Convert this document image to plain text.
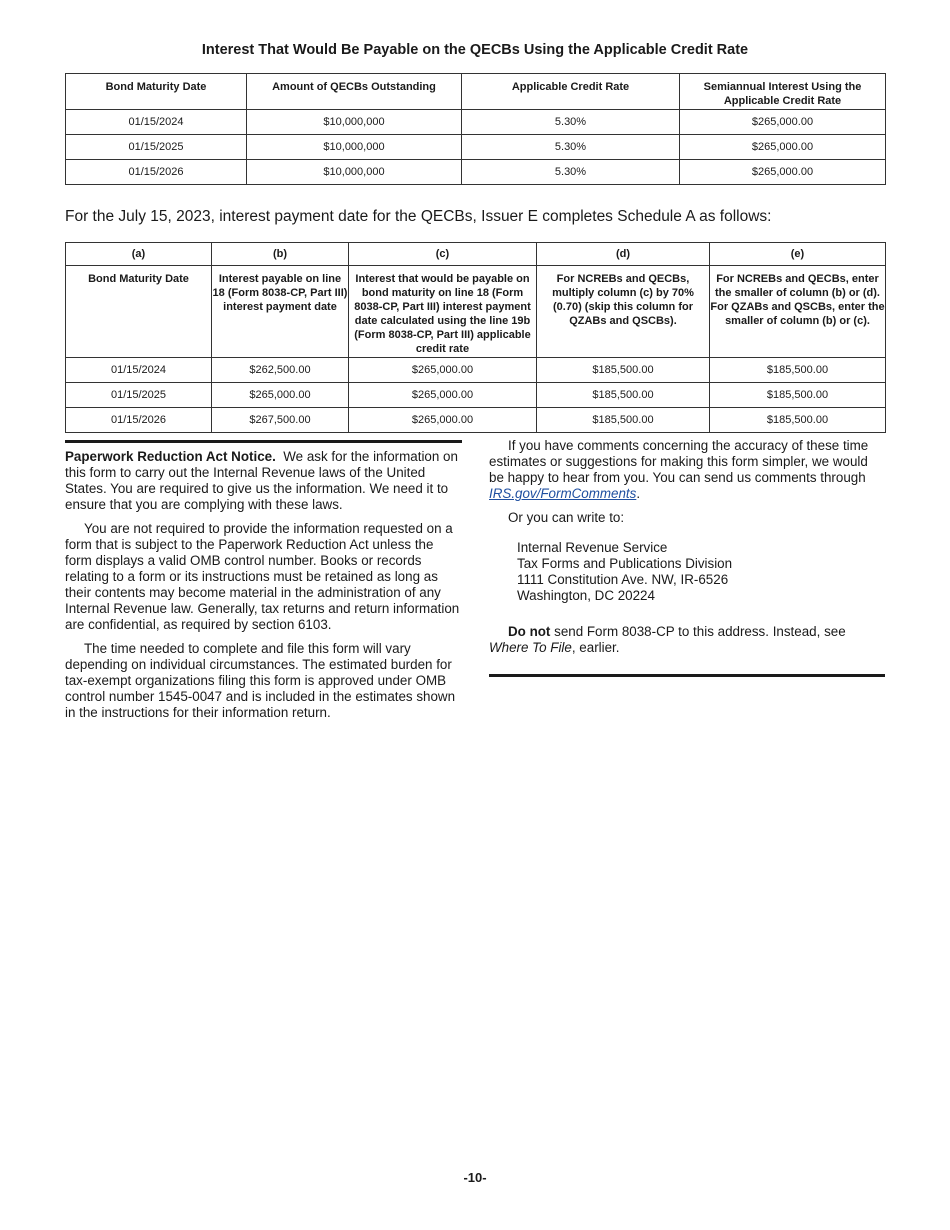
Interest That Would Be Payable on the QECBs Using the Applicable Credit Rate
Bond Maturity Date	Amount of QECBs Outstanding	Applicable Credit Rate	Semiannual Interest Using the Applicable Credit Rate
01/15/2024	$10,000,000	5.30%	$265,000.00
01/15/2025	$10,000,000	5.30%	$265,000.00
01/15/2026	$10,000,000	5.30%	$265,000.00
For the July 15, 2023, interest payment date for the QECBs, Issuer E completes Schedule A as follows:
(a)	(b)	(c)	(d)	(e)
Bond Maturity Date	Interest payable on line 18 (Form 8038-CP, Part III) interest payment date	Interest that would be payable on bond maturity on line 18 (Form 8038-CP, Part III) interest payment date calculated using the line 19b (Form 8038-CP, Part III) applicable credit rate	For NCREBs and QECBs, multiply column (c) by 70% (0.70) (skip this column for QZABs and QSCBs).	For NCREBs and QECBs, enter the smaller of column (b) or (d). For QZABs and QSCBs, enter the smaller of column (b) or (c).
01/15/2024	$262,500.00	$265,000.00	$185,500.00	$185,500.00
01/15/2025	$265,000.00	$265,000.00	$185,500.00	$185,500.00
01/15/2026	$267,500.00	$265,000.00	$185,500.00	$185,500.00

Paperwork Reduction Act Notice. We ask for the information on this form to carry out the Internal Revenue laws of the United States. You are required to give us the information. We need it to ensure that you are complying with these laws.

You are not required to provide the information requested on a form that is subject to the Paperwork Reduction Act unless the form displays a valid OMB control number. Books or records relating to a form or its instructions must be retained as long as their contents may become material in the administration of any Internal Revenue law. Generally, tax returns and return information are confidential, as required by section 6103.

The time needed to complete and file this form will vary depending on individual circumstances. The estimated burden for tax-exempt organizations filing this form is approved under OMB control number 1545-0047 and is included in the estimates shown in the instructions for their information return.

If you have comments concerning the accuracy of these time estimates or suggestions for making this form simpler, we would be happy to hear from you. You can send us comments through IRS.gov/FormComments.

Or you can write to:

Internal Revenue Service
Tax Forms and Publications Division
1111 Constitution Ave. NW, IR-6526
Washington, DC 20224

Do not send Form 8038-CP to this address. Instead, see Where To File, earlier.

-10-
